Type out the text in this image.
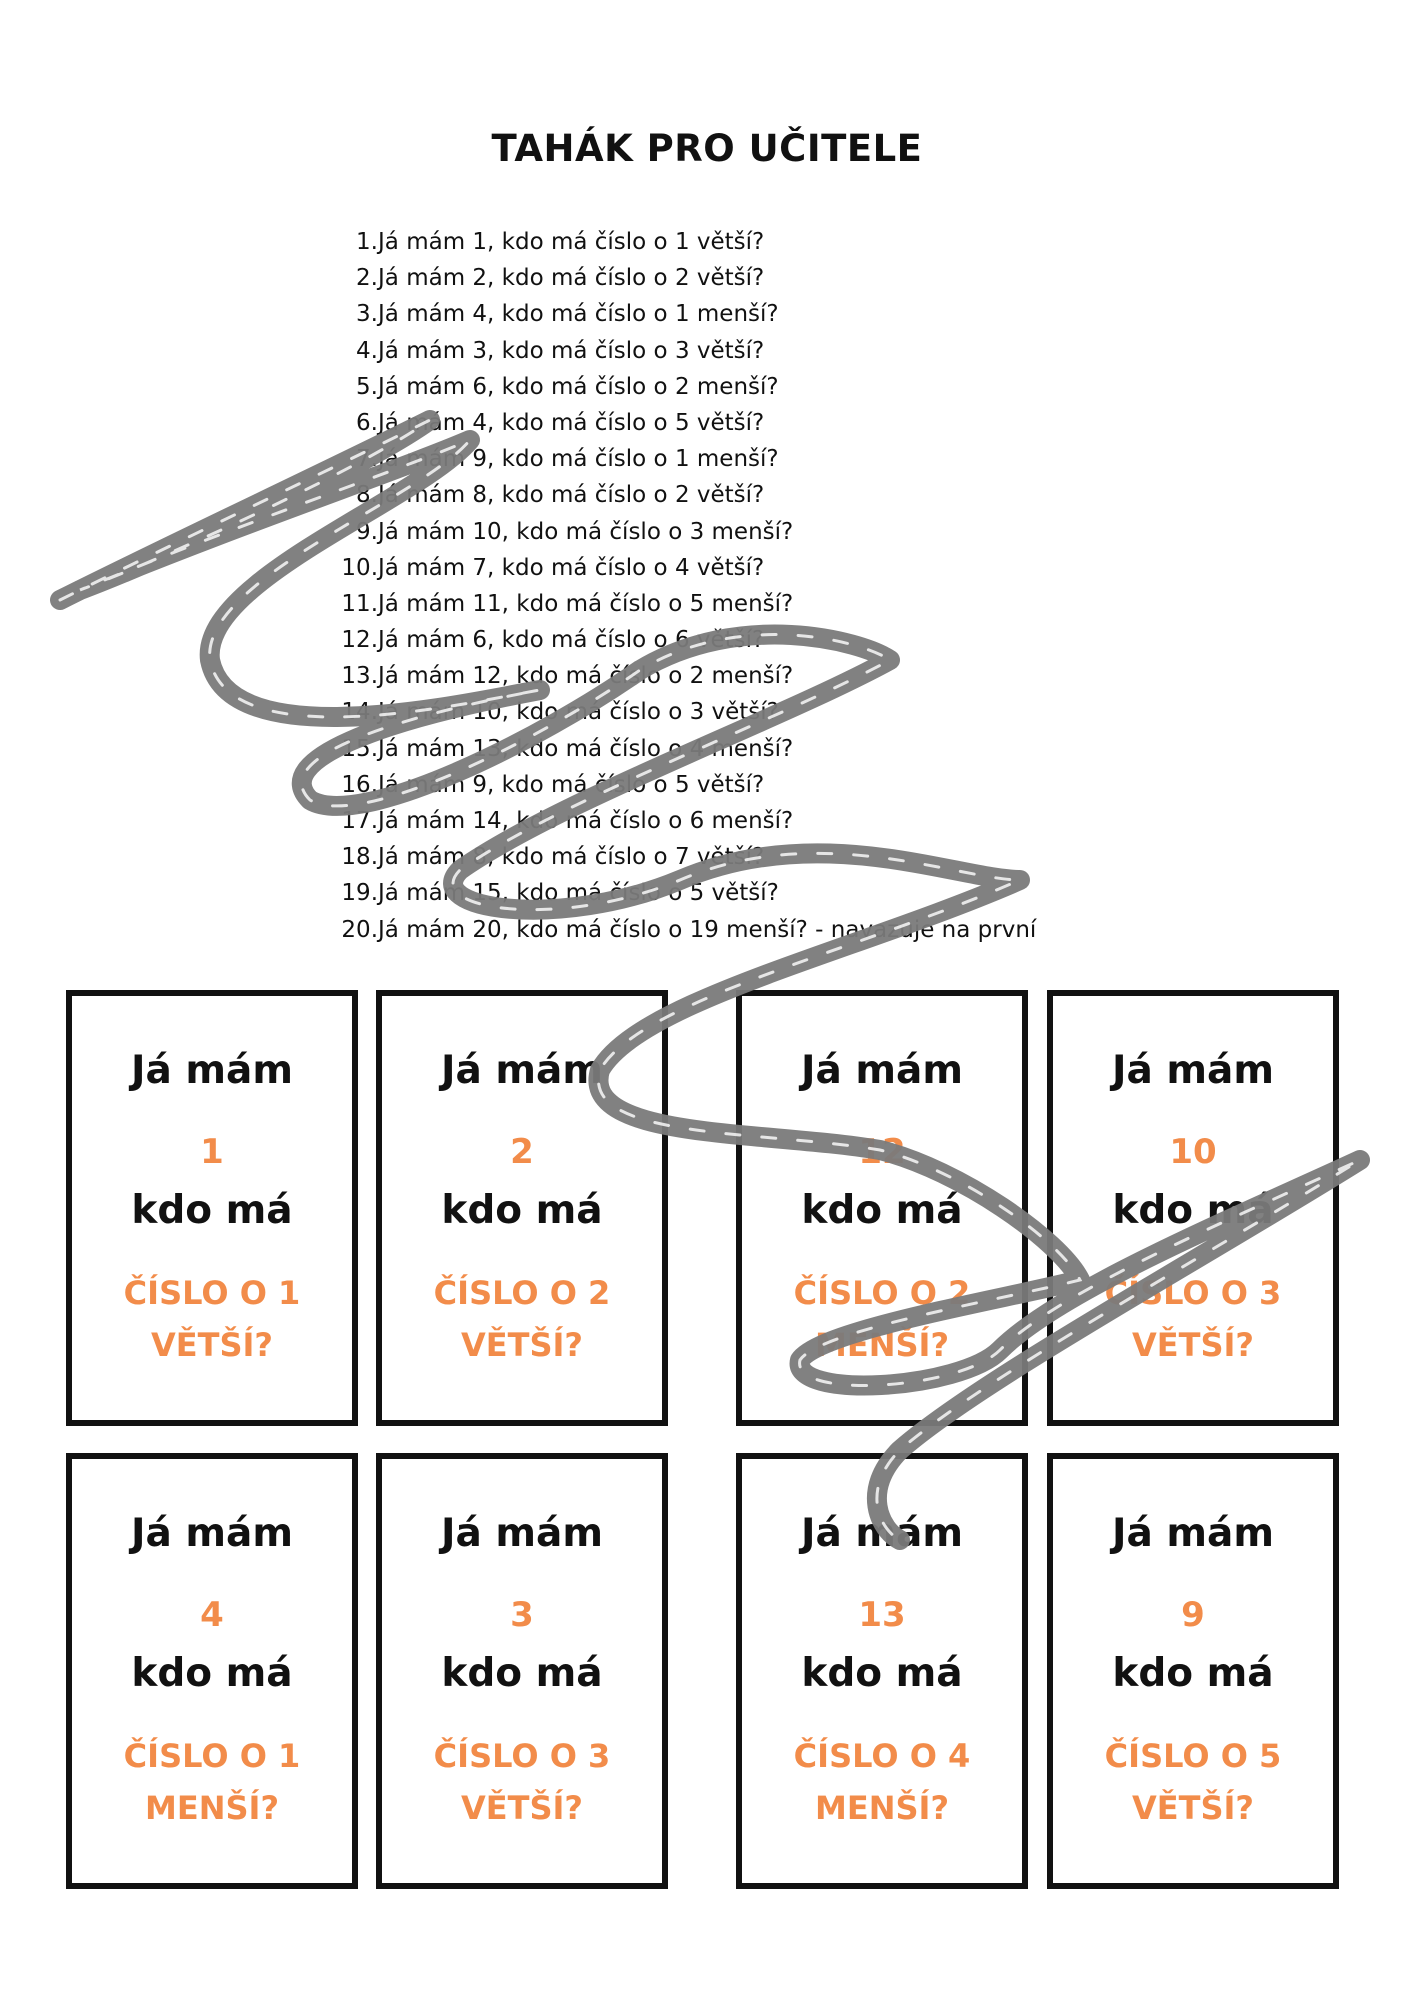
TAHÁK PRO UČITELE
1.Já mám 1, kdo má číslo o 1 větší?
2.Já mám 2, kdo má číslo o 2 větší?
3.Já mám 4, kdo má číslo o 1 menší?
4.Já mám 3, kdo má číslo o 3 větší?
5.Já mám 6, kdo má číslo o 2 menší?
6.Já mám 4, kdo má číslo o 5 větší?
7.Já mám 9, kdo má číslo o 1 menší?
8.Já mám 8, kdo má číslo o 2 větší?
9.Já mám 10, kdo má číslo o 3 menší?
10.Já mám 7, kdo má číslo o 4 větší?
11.Já mám 11, kdo má číslo o 5 menší?
12.Já mám 6, kdo má číslo o 6 větší?
13.Já mám 12, kdo má číslo o 2 menší?
14.Já mám 10, kdo má číslo o 3 větší?
15.Já mám 13, kdo má číslo o 4 menší?
16.Já mám 9, kdo má číslo o 5 větší?
17.Já mám 14, kdo má číslo o 6 menší?
18.Já mám 8, kdo má číslo o 7 větší?
19.Já mám 15, kdo má číslo o 5 větší?
20.Já mám 20, kdo má číslo o 19 menší? - navazuje na první
Já mám
1
kdo má
ČÍSLO O 1
VĚTŠÍ?
Já mám
2
kdo má
ČÍSLO O 2
VĚTŠÍ?
Já mám
12
kdo má
ČÍSLO O 2
MENŠÍ?
Já mám
10
kdo má
ČÍSLO O 3
VĚTŠÍ?
Já mám
4
kdo má
ČÍSLO O 1
MENŠÍ?
Já mám
3
kdo má
ČÍSLO O 3
VĚTŠÍ?
Já mám
13
kdo má
ČÍSLO O 4
MENŠÍ?
Já mám
9
kdo má
ČÍSLO O 5
VĚTŠÍ?
